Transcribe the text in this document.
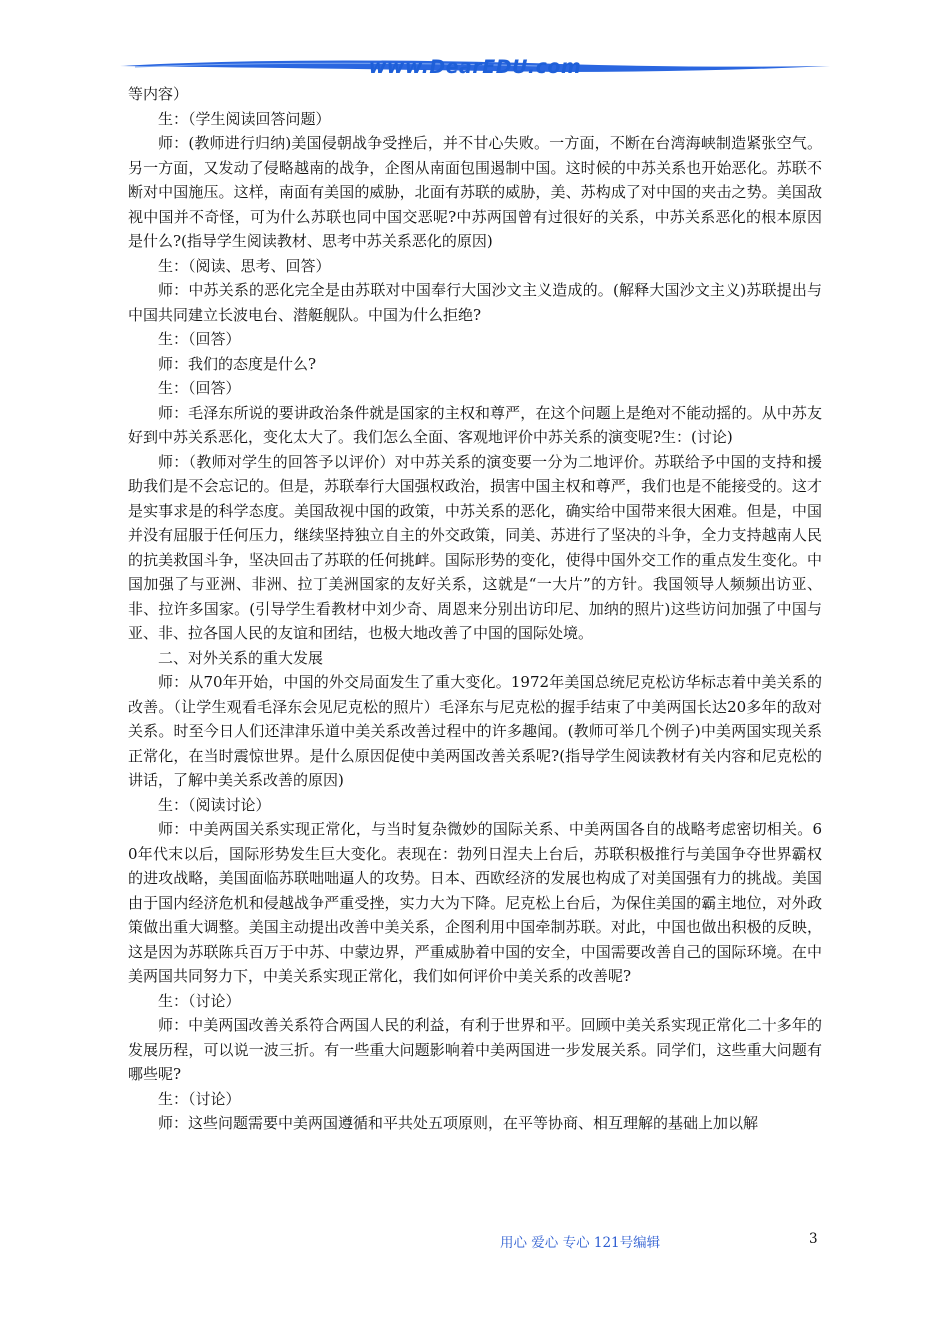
www.DearEDU.com

等内容）

生：（学生阅读回答问题）

师：(教师进行归纳)美国侵朝战争受挫后，并不甘心失败。一方面，不断在台湾海峡制造紧张空气。另一方面，又发动了侵略越南的战争，企图从南面包围遏制中国。这时候的中苏关系也开始恶化。苏联不断对中国施压。这样，南面有美国的威胁，北面有苏联的威胁，美、苏构成了对中国的夹击之势。美国敌视中国并不奇怪，可为什么苏联也同中国交恶呢?中苏两国曾有过很好的关系，中苏关系恶化的根本原因是什么?(指导学生阅读教材、思考中苏关系恶化的原因)

生：（阅读、思考、回答）

师：中苏关系的恶化完全是由苏联对中国奉行大国沙文主义造成的。(解释大国沙文主义)苏联提出与中国共同建立长波电台、潜艇舰队。中国为什么拒绝?

生：（回答）

师：我们的态度是什么?

生：（回答）

师：毛泽东所说的要讲政治条件就是国家的主权和尊严，在这个问题上是绝对不能动摇的。从中苏友好到中苏关系恶化，变化太大了。我们怎么全面、客观地评价中苏关系的演变呢?生：(讨论)

师：（教师对学生的回答予以评价）对中苏关系的演变要一分为二地评价。苏联给予中国的支持和援助我们是不会忘记的。但是，苏联奉行大国强权政治，损害中国主权和尊严，我们也是不能接受的。这才是实事求是的科学态度。美国敌视中国的政策，中苏关系的恶化，确实给中国带来很大困难。但是，中国并没有屈服于任何压力，继续坚持独立自主的外交政策，同美、苏进行了坚决的斗争，全力支持越南人民的抗美救国斗争，坚决回击了苏联的任何挑衅。国际形势的变化，使得中国外交工作的重点发生变化。中国加强了与亚洲、非洲、拉丁美洲国家的友好关系，这就是“一大片”的方针。我国领导人频频出访亚、非、拉许多国家。(引导学生看教材中刘少奇、周恩来分别出访印尼、加纳的照片)这些访问加强了中国与亚、非、拉各国人民的友谊和团结，也极大地改善了中国的国际处境。

二、对外关系的重大发展

师：从70年开始，中国的外交局面发生了重大变化。1972年美国总统尼克松访华标志着中美关系的改善。（让学生观看毛泽东会见尼克松的照片）毛泽东与尼克松的握手结束了中美两国长达20多年的敌对关系。时至今日人们还津津乐道中美关系改善过程中的许多趣闻。(教师可举几个例子)中美两国实现关系正常化，在当时震惊世界。是什么原因促使中美两国改善关系呢?(指导学生阅读教材有关内容和尼克松的讲话，了解中美关系改善的原因)

生：（阅读讨论）

师：中美两国关系实现正常化，与当时复杂微妙的国际关系、中美两国各自的战略考虑密切相关。60年代末以后，国际形势发生巨大变化。表现在：勃列日涅夫上台后，苏联积极推行与美国争夺世界霸权的进攻战略，美国面临苏联咄咄逼人的攻势。日本、西欧经济的发展也构成了对美国强有力的挑战。美国由于国内经济危机和侵越战争严重受挫，实力大为下降。尼克松上台后，为保住美国的霸主地位，对外政策做出重大调整。美国主动提出改善中美关系，企图利用中国牵制苏联。对此，中国也做出积极的反映，这是因为苏联陈兵百万于中苏、中蒙边界，严重威胁着中国的安全，中国需要改善自己的国际环境。在中美两国共同努力下，中美关系实现正常化，我们如何评价中美关系的改善呢?

生：（讨论）

师：中美两国改善关系符合两国人民的利益，有利于世界和平。回顾中美关系实现正常化二十多年的发展历程，可以说一波三折。有一些重大问题影响着中美两国进一步发展关系。同学们，这些重大问题有哪些呢?

生：（讨论）

师：这些问题需要中美两国遵循和平共处五项原则，在平等协商、相互理解的基础上加以解

用心 爱心 专心 121号编辑	3
